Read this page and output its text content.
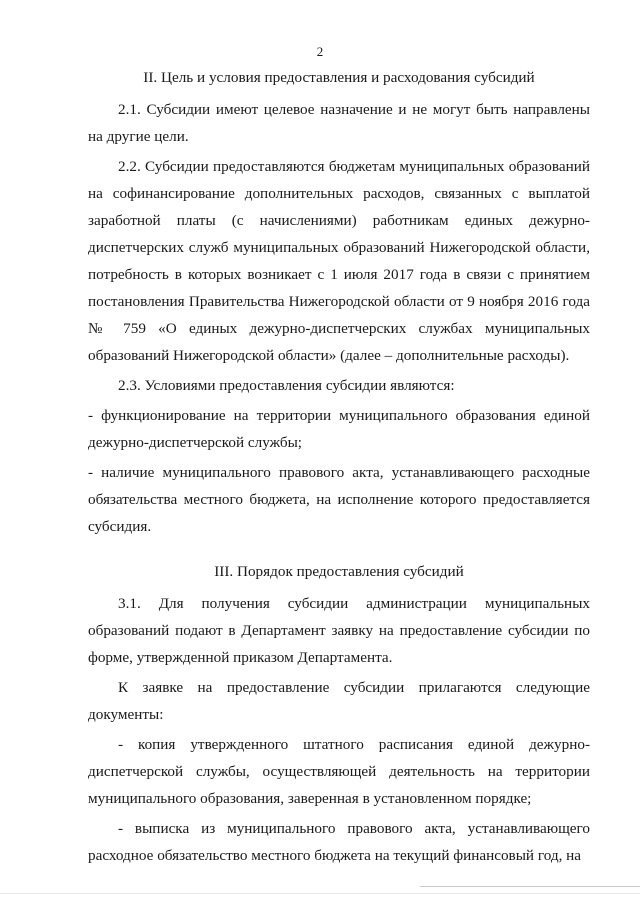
2
II. Цель и условия предоставления и расходования субсидий

2.1. Субсидии имеют целевое назначение и не могут быть направлены на другие цели.

2.2. Субсидии предоставляются бюджетам муниципальных образований на софинансирование дополнительных расходов, связанных с выплатой заработной платы (с начислениями) работникам единых дежурно-диспетчерских служб муниципальных образований Нижегородской области, потребность в которых возникает с 1 июля 2017 года в связи с принятием постановления Правительства Нижегородской области от 9 ноября 2016 года № 759 «О единых дежурно-диспетчерских службах муниципальных образований Нижегородской области» (далее – дополнительные расходы).

2.3. Условиями предоставления субсидии являются:

- функционирование на территории муниципального образования единой дежурно-диспетчерской службы;

- наличие муниципального правового акта, устанавливающего расходные обязательства местного бюджета, на исполнение которого предоставляется субсидия.

III. Порядок предоставления субсидий

3.1. Для получения субсидии администрации муниципальных образований подают в Департамент заявку на предоставление субсидии по форме, утвержденной приказом Департамента.

К заявке на предоставление субсидии прилагаются следующие документы:

- копия утвержденного штатного расписания единой дежурно-диспетчерской службы, осуществляющей деятельность на территории муниципального образования, заверенная в установленном порядке;

- выписка из муниципального правового акта, устанавливающего расходное обязательство местного бюджета на текущий финансовый год, на
